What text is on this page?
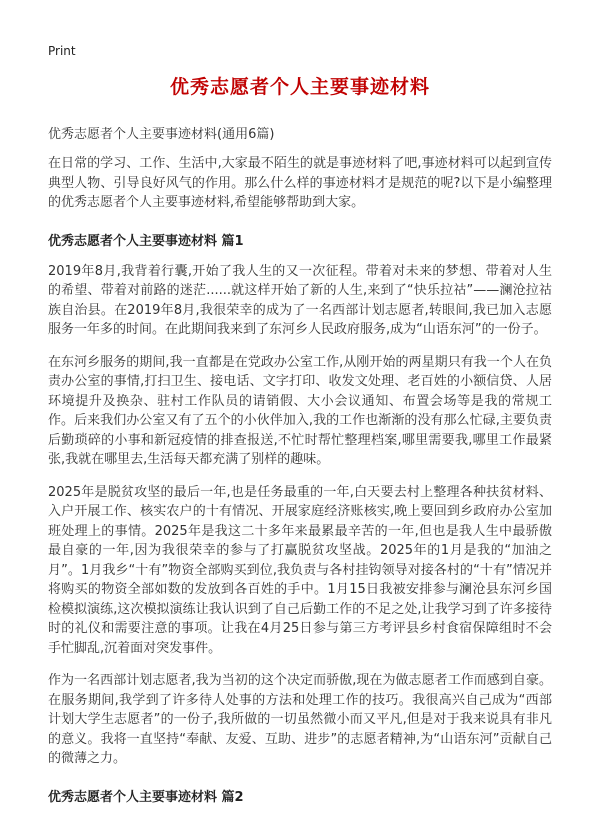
Print
优秀志愿者个人主要事迹材料
优秀志愿者个人主要事迹材料(通用6篇)

在日常的学习、工作、生活中,大家最不陌生的就是事迹材料了吧,事迹材料可以起到宣传典型人物、引导良好风气的作用。那么什么样的事迹材料才是规范的呢?以下是小编整理的优秀志愿者个人主要事迹材料,希望能够帮助到大家。

优秀志愿者个人主要事迹材料 篇1

2019年8月,我背着行囊,开始了我人生的又一次征程。带着对未来的梦想、带着对人生的希望、带着对前路的迷茫......就这样开始了新的人生,来到了“快乐拉祜”——澜沧拉祜族自治县。在2019年8月,我很荣幸的成为了一名西部计划志愿者,转眼间,我已加入志愿服务一年多的时间。在此期间我来到了东河乡人民政府服务,成为“山语东河”的一份子。

在东河乡服务的期间,我一直都是在党政办公室工作,从刚开始的两星期只有我一个人在负责办公室的事情,打扫卫生、接电话、文字打印、收发文处理、老百姓的小额信贷、人居环境提升及换杂、驻村工作队员的请销假、大小会议通知、布置会场等是我的常规工作。后来我们办公室又有了五个的小伙伴加入,我的工作也渐渐的没有那么忙碌,主要负责后勤琐碎的小事和新冠疫情的排查报送,不忙时帮忙整理档案,哪里需要我,哪里工作最紧张,我就在哪里去,生活每天都充满了别样的趣味。

2025年是脱贫攻坚的最后一年,也是任务最重的一年,白天要去村上整理各种扶贫材料、入户开展工作、核实农户的十有情况、开展家庭经济账核实,晚上要回到乡政府办公室加班处理上的事情。2025年是我这二十多年来最累最辛苦的一年,但也是我人生中最骄傲最自豪的一年,因为我很荣幸的参与了打赢脱贫攻坚战。2025年的1月是我的“加油之月”。1月我乡“十有”物资全部购买到位,我负责与各村挂钩领导对接各村的“十有”情况并将购买的物资全部如数的发放到各百姓的手中。1月15日我被安排参与澜沧县东河乡国检模拟演练,这次模拟演练让我认识到了自己后勤工作的不足之处,让我学习到了许多接待时的礼仪和需要注意的事项。让我在4月25日参与第三方考评县乡村食宿保障组时不会手忙脚乱,沉着面对突发事件。

作为一名西部计划志愿者,我为当初的这个决定而骄傲,现在为做志愿者工作而感到自豪。在服务期间,我学到了许多待人处事的方法和处理工作的技巧。我很高兴自己成为“西部计划大学生志愿者”的一份子,我所做的一切虽然微小而又平凡,但是对于我来说具有非凡的意义。我将一直坚持“奉献、友爱、互助、进步”的志愿者精神,为“山语东河”贡献自己的微薄之力。

优秀志愿者个人主要事迹材料 篇2
